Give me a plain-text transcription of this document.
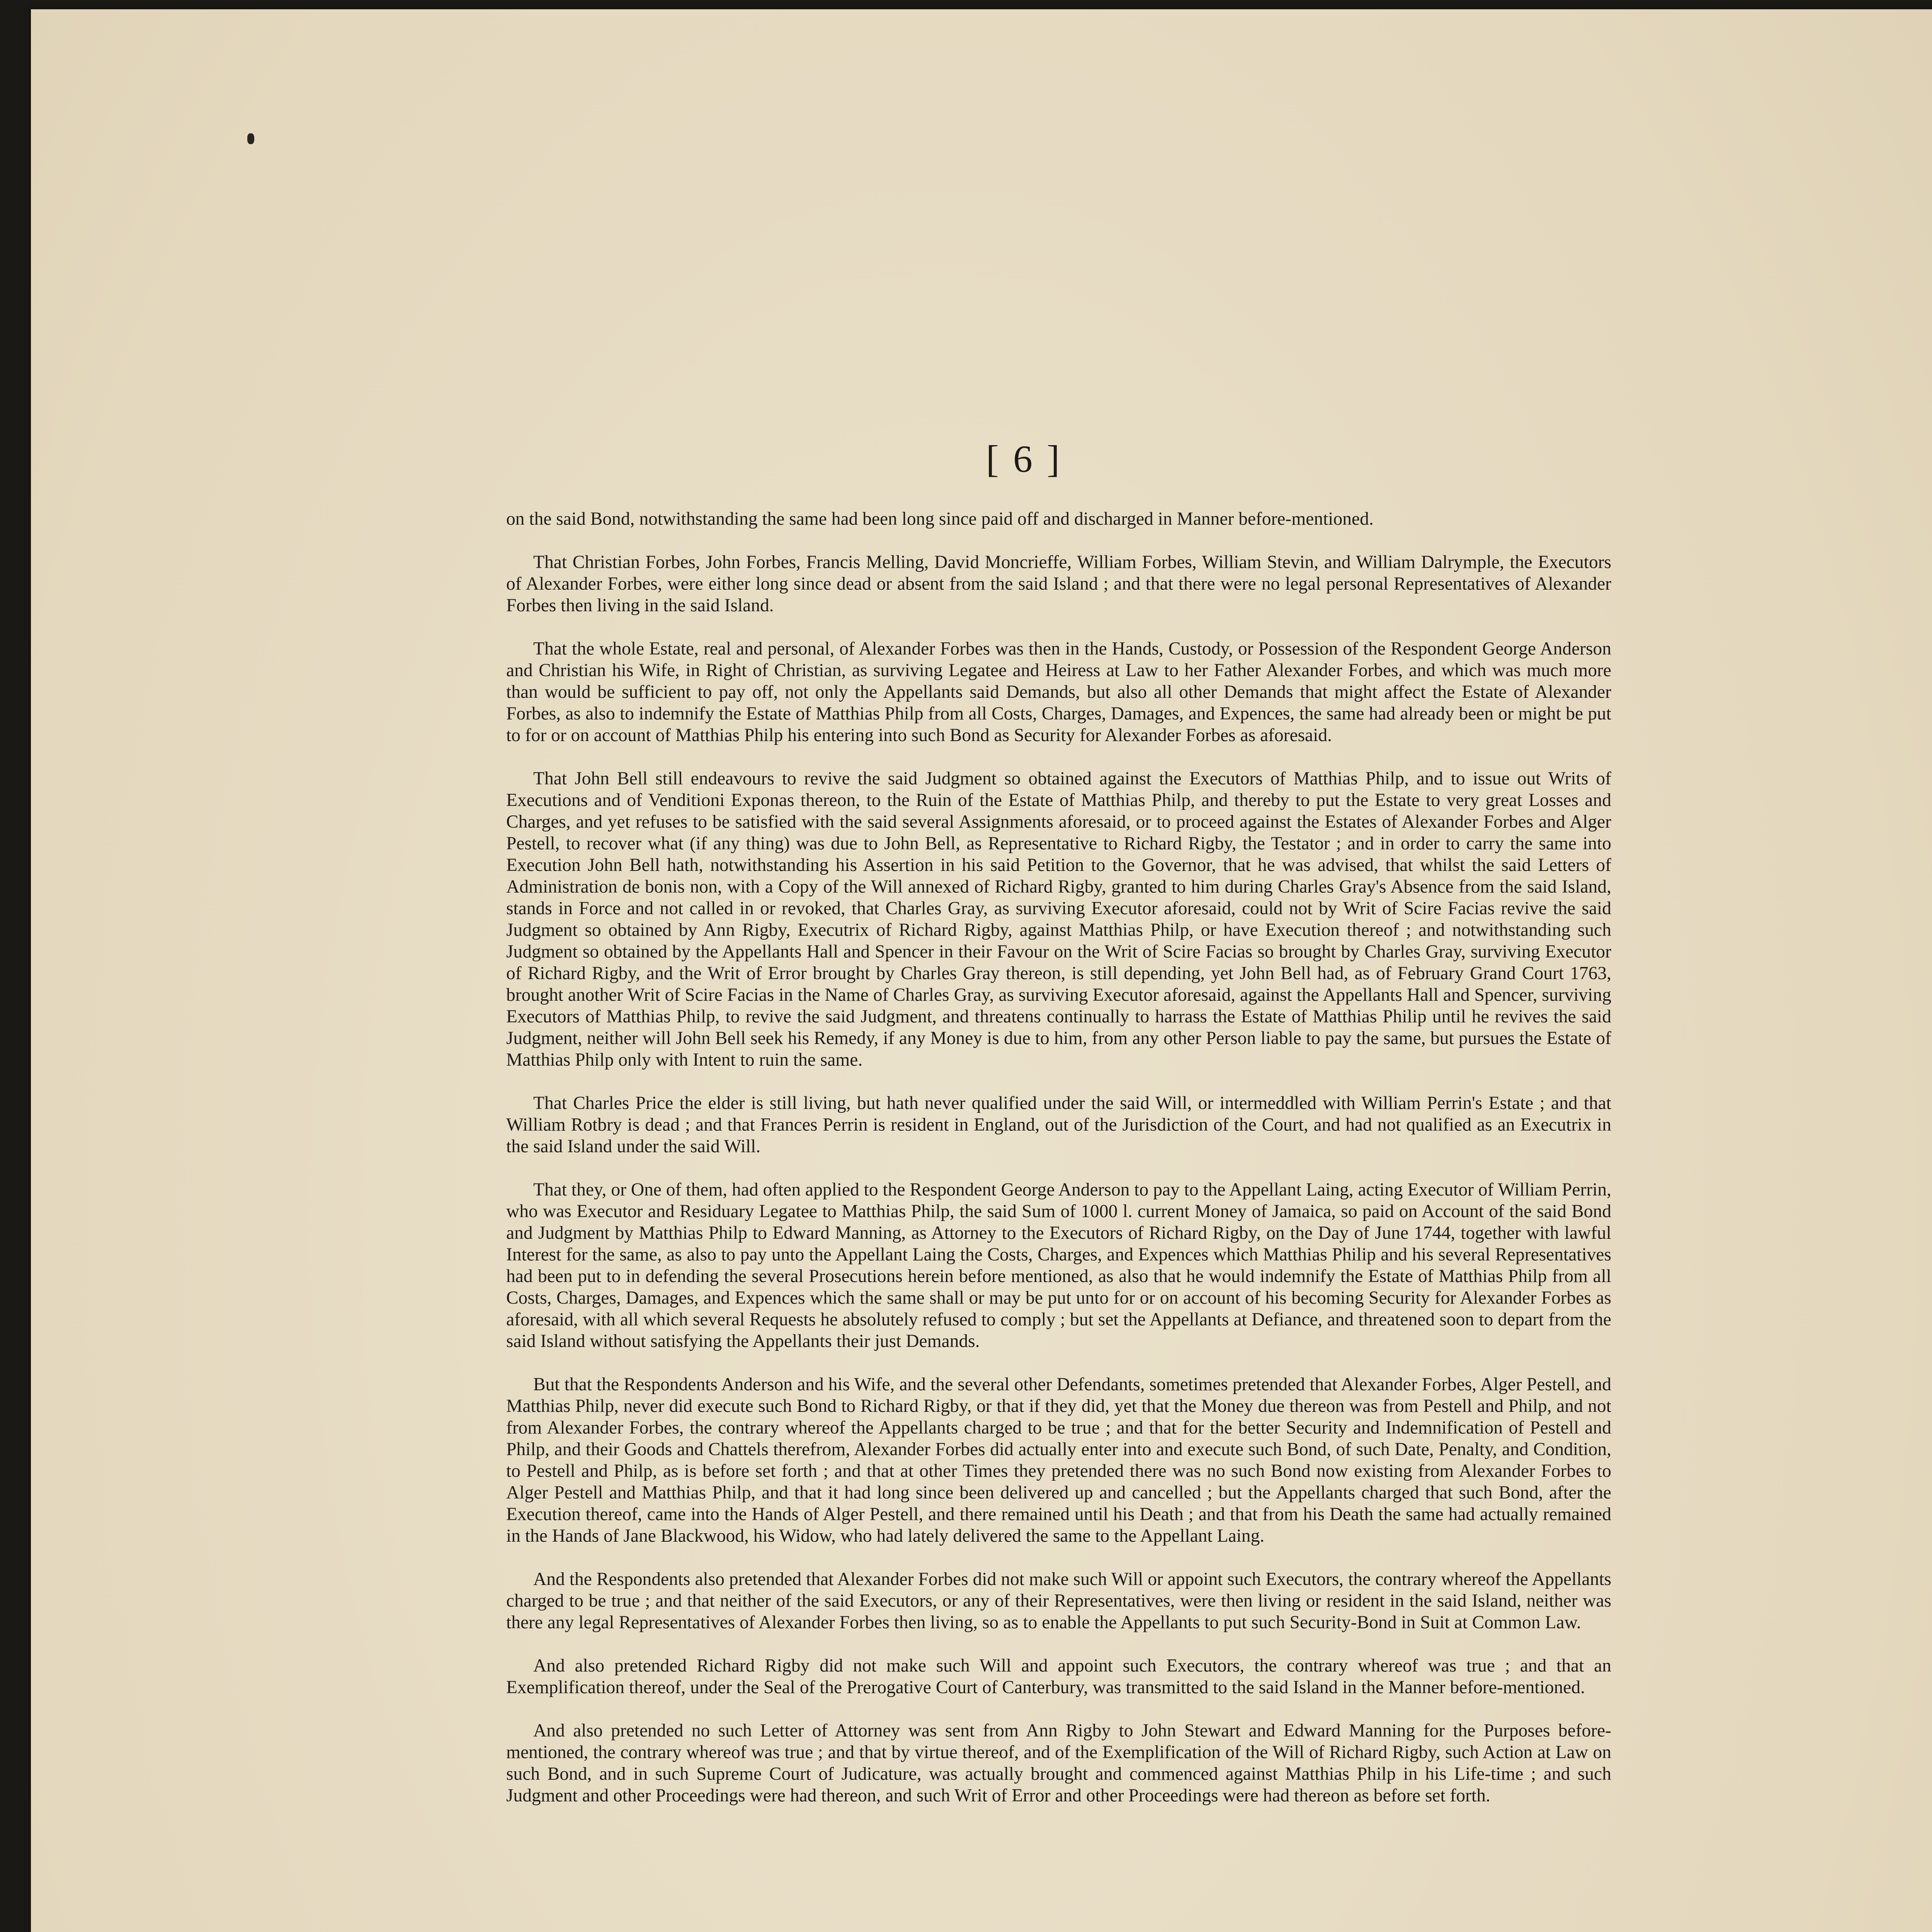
[ 6 ]

on the said Bond, notwithstanding the same had been long since paid off and discharged in Manner before-mentioned.

That Christian Forbes, John Forbes, Francis Melling, David Moncrieffe, William Forbes, William Stevin, and William Dalrymple, the Executors of Alexander Forbes, were either long since dead or absent from the said Island ; and that there were no legal personal Representatives of Alexander Forbes then living in the said Island.

That the whole Estate, real and personal, of Alexander Forbes was then in the Hands, Custody, or Possession of the Respondent George Anderson and Christian his Wife, in Right of Christian, as surviving Legatee and Heiress at Law to her Father Alexander Forbes, and which was much more than would be sufficient to pay off, not only the Appellants said Demands, but also all other Demands that might affect the Estate of Alexander Forbes, as also to indemnify the Estate of Matthias Philp from all Costs, Charges, Damages, and Expences, the same had already been or might be put to for or on account of Matthias Philp his entering into such Bond as Security for Alexander Forbes as aforesaid.

That John Bell still endeavours to revive the said Judgment so obtained against the Executors of Matthias Philp, and to issue out Writs of Executions and of Venditioni Exponas thereon, to the Ruin of the Estate of Matthias Philp, and thereby to put the Estate to very great Losses and Charges, and yet refuses to be satisfied with the said several Assignments aforesaid, or to proceed against the Estates of Alexander Forbes and Alger Pestell, to recover what (if any thing) was due to John Bell, as Representative to Richard Rigby, the Testator ; and in order to carry the same into Execution John Bell hath, notwithstanding his Assertion in his said Petition to the Governor, that he was advised, that whilst the said Letters of Administration de bonis non, with a Copy of the Will annexed of Richard Rigby, granted to him during Charles Gray's Absence from the said Island, stands in Force and not called in or revoked, that Charles Gray, as surviving Executor aforesaid, could not by Writ of Scire Facias revive the said Judgment so obtained by Ann Rigby, Executrix of Richard Rigby, against Matthias Philp, or have Execution thereof ; and notwithstanding such Judgment so obtained by the Appellants Hall and Spencer in their Favour on the Writ of Scire Facias so brought by Charles Gray, surviving Executor of Richard Rigby, and the Writ of Error brought by Charles Gray thereon, is still depending, yet John Bell had, as of February Grand Court 1763, brought another Writ of Scire Facias in the Name of Charles Gray, as surviving Executor aforesaid, against the Appellants Hall and Spencer, surviving Executors of Matthias Philp, to revive the said Judgment, and threatens continually to harrass the Estate of Matthias Philip until he revives the said Judgment, neither will John Bell seek his Remedy, if any Money is due to him, from any other Person liable to pay the same, but pursues the Estate of Matthias Philp only with Intent to ruin the same.

That Charles Price the elder is still living, but hath never qualified under the said Will, or intermeddled with William Perrin's Estate ; and that William Rotbry is dead ; and that Frances Perrin is resident in England, out of the Jurisdiction of the Court, and had not qualified as an Executrix in the said Island under the said Will.

That they, or One of them, had often applied to the Respondent George Anderson to pay to the Appellant Laing, acting Executor of William Perrin, who was Executor and Residuary Legatee to Matthias Philp, the said Sum of 1000 l. current Money of Jamaica, so paid on Account of the said Bond and Judgment by Matthias Philp to Edward Manning, as Attorney to the Executors of Richard Rigby, on the Day of June 1744, together with lawful Interest for the same, as also to pay unto the Appellant Laing the Costs, Charges, and Expences which Matthias Philip and his several Representatives had been put to in defending the several Prosecutions herein before mentioned, as also that he would indemnify the Estate of Matthias Philp from all Costs, Charges, Damages, and Expences which the same shall or may be put unto for or on account of his becoming Security for Alexander Forbes as aforesaid, with all which several Requests he absolutely refused to comply ; but set the Appellants at Defiance, and threatened soon to depart from the said Island without satisfying the Appellants their just Demands.

But that the Respondents Anderson and his Wife, and the several other Defendants, sometimes pretended that Alexander Forbes, Alger Pestell, and Matthias Philp, never did execute such Bond to Richard Rigby, or that if they did, yet that the Money due thereon was from Pestell and Philp, and not from Alexander Forbes, the contrary whereof the Appellants charged to be true ; and that for the better Security and Indemnification of Pestell and Philp, and their Goods and Chattels therefrom, Alexander Forbes did actually enter into and execute such Bond, of such Date, Penalty, and Condition, to Pestell and Philp, as is before set forth ; and that at other Times they pretended there was no such Bond now existing from Alexander Forbes to Alger Pestell and Matthias Philp, and that it had long since been delivered up and cancelled ; but the Appellants charged that such Bond, after the Execution thereof, came into the Hands of Alger Pestell, and there remained until his Death ; and that from his Death the same had actually remained in the Hands of Jane Blackwood, his Widow, who had lately delivered the same to the Appellant Laing.

And the Respondents also pretended that Alexander Forbes did not make such Will or appoint such Executors, the contrary whereof the Appellants charged to be true ; and that neither of the said Executors, or any of their Representatives, were then living or resident in the said Island, neither was there any legal Representatives of Alexander Forbes then living, so as to enable the Appellants to put such Security-Bond in Suit at Common Law.

And also pretended Richard Rigby did not make such Will and appoint such Executors, the contrary whereof was true ; and that an Exemplification thereof, under the Seal of the Prerogative Court of Canterbury, was transmitted to the said Island in the Manner before-mentioned.

And also pretended no such Letter of Attorney was sent from Ann Rigby to John Stewart and Edward Manning for the Purposes before-mentioned, the contrary whereof was true ; and that by virtue thereof, and of the Exemplification of the Will of Richard Rigby, such Action at Law on such Bond, and in such Supreme Court of Judicature, was actually brought and commenced against Matthias Philp in his Life-time ; and such Judgment and other Proceedings were had thereon, and such Writ of Error and other Proceedings were had thereon as before set forth.
